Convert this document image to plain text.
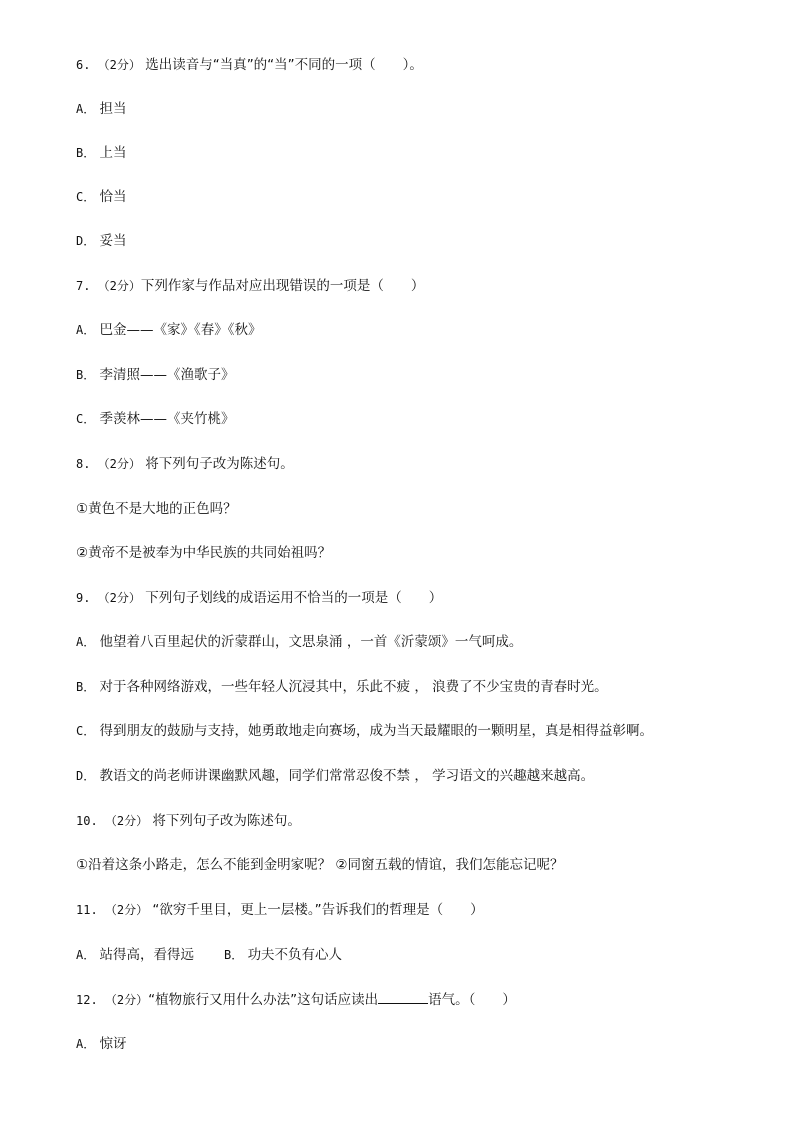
6. （2分） 选出读音与“当真”的“当”不同的一项（　　）。
A． 担当
B． 上当
C． 恰当
D． 妥当
7. （2分）下列作家与作品对应出现错误的一项是（　　）
A． 巴金——《家》《春》《秋》
B． 李清照——《渔歌子》
C． 季羡林——《夹竹桃》
8. （2分） 将下列句子改为陈述句。
①黄色不是大地的正色吗？
②黄帝不是被奉为中华民族的共同始祖吗？
9. （2分） 下列句子划线的成语运用不恰当的一项是（　　）
A． 他望着八百里起伏的沂蒙群山，文思泉涌 ，一首《沂蒙颂》一气呵成。
B． 对于各种网络游戏，一些年轻人沉浸其中，乐此不疲 ， 浪费了不少宝贵的青春时光。
C． 得到朋友的鼓励与支持，她勇敢地走向赛场，成为当天最耀眼的一颗明星，真是相得益彰啊。
D． 教语文的尚老师讲课幽默风趣，同学们常常忍俊不禁 ， 学习语文的兴趣越来越高。
10. （2分） 将下列句子改为陈述句。
①沿着这条小路走，怎么不能到金明家呢？ ②同窗五载的情谊，我们怎能忘记呢？
11. （2分） “欲穷千里目，更上一层楼。”告诉我们的哲理是（　　）
A． 站得高，看得远	B． 功夫不负有心人
12. （2分）“植物旅行又用什么办法”这句话应读出	语气。（　　）
A． 惊讶
